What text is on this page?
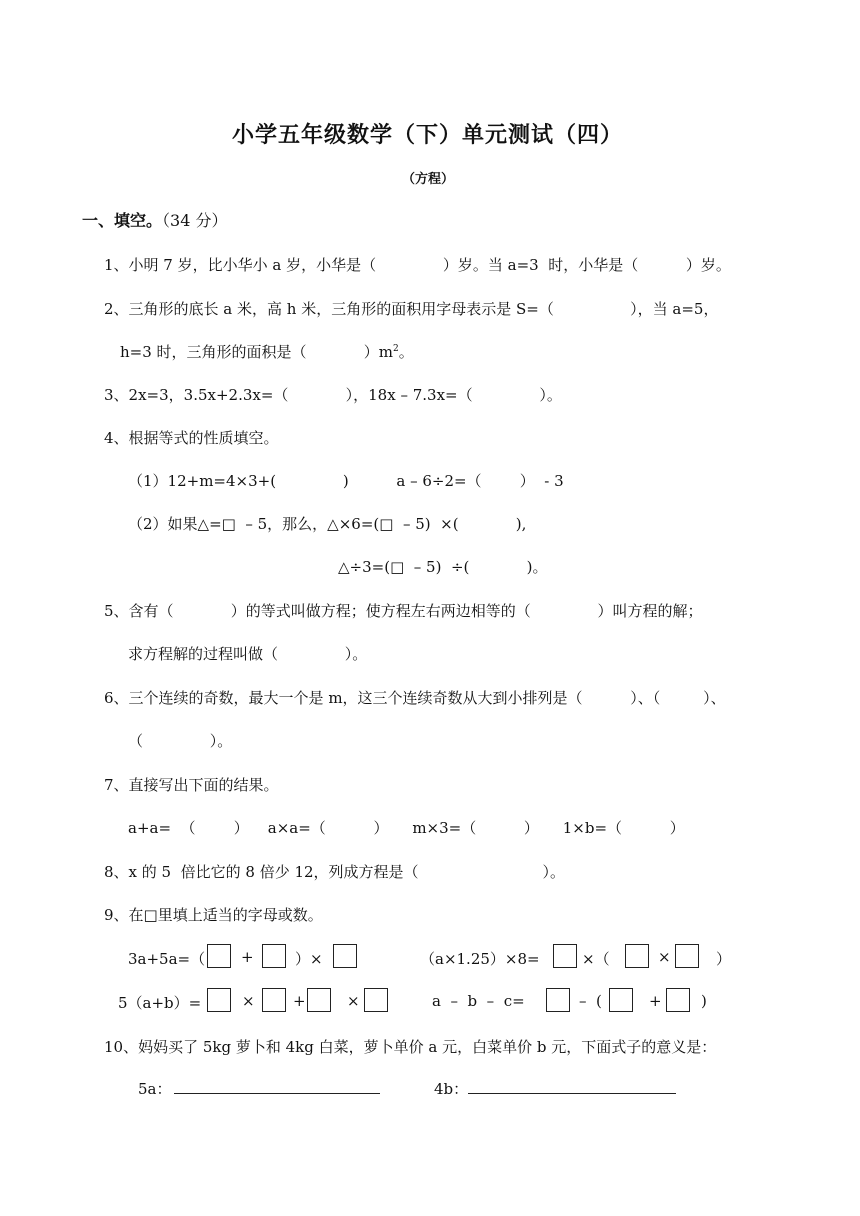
小学五年级数学（下）单元测试（四）
（方程）
一、填空。（34 分）
1、小明 7 岁，比小华小 a 岁，小华是（              ）岁。当 a=3  时，小华是（          ）岁。
2、三角形的底长 a 米，高 h 米，三角形的面积用字母表示是 S=（                ），当 a=5，
h=3 时，三角形的面积是（            ）$m^2$。
3、2x=3，3.5x+2.3x=（            ），18x – 7.3x=（              ）。
4、根据等式的性质填空。
（1）12+m=4×3+(              )          a – 6÷2=（        ）  - 3
（2）如果△=□  – 5，那么，△×6=(□  – 5)  ×(            ),
△÷3=(□  – 5)  ÷(            )。
5、含有（            ）的等式叫做方程；使方程左右两边相等的（              ）叫方程的解；
求方程解的过程叫做（              ）。
6、三个连续的奇数，最大一个是 m，这三个连续奇数从大到小排列是（          ）、（         ）、
（              ）。
7、直接写出下面的结果。
a+a=  （        ）    a×a=（          ）     m×3=（          ）     1×b=（          ）
8、x 的 5  倍比它的 8 倍少 12，列成方程是（                          ）。
9、在□里填上适当的字母或数。
3a+5a=（ +	）×	（a×1.25）×8=	×（	×	）
5（a+b）=	×	+	×	a  –  b  –  c=	–  (	+	)
10、妈妈买了 5kg 萝卜和 4kg 白菜，萝卜单价 a 元，白菜单价 b 元，下面式子的意义是：
5a：	4b：
